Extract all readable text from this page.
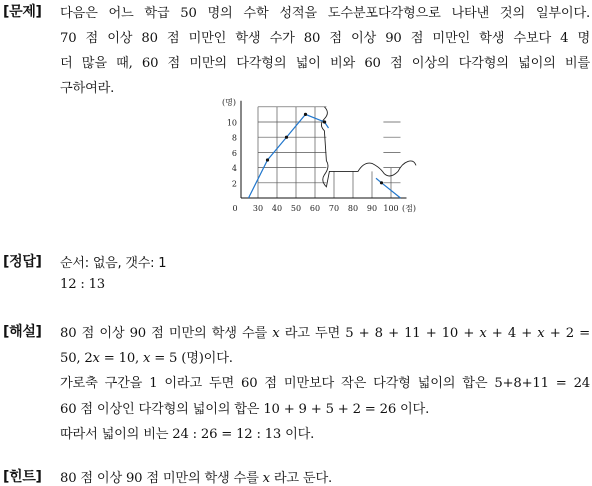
[문제] 다음은 어느 학급 50 명의 수학 성적을 도수분포다각형으로 나타낸 것의 일부이다.
70 점 이상 80 점 미만인 학생 수가 80 점 이상 90 점 미만인 학생 수보다 4 명
더 많을 때, 60 점 미만의 다각형의 넓이 비와 60 점 이상의 다각형의 넓이의 비를
구하여라.
2
4
6
8
10
(명)
0 30 40 50 60 70 80 90 100 (점)
[정답] 순서: 없음, 갯수: 1
12 : 13
[해설] 80 점 이상 90 점 미만의 학생 수를 𝑥 라고 두면 5 + 8 + 11 + 10 + 𝑥 + 4 + 𝑥 + 2 =
50, 2𝑥 = 10, 𝑥 = 5 (명)이다.
가로축 구간을 1 이라고 두면 60 점 미만보다 작은 다각형 넓이의 합은 5+8+11 = 24
60 점 이상인 다각형의 넓이의 합은 10 + 9 + 5 + 2 = 26 이다.
따라서 넓이의 비는 24 : 26 = 12 : 13 이다.
[힌트] 80 점 이상 90 점 미만의 학생 수를 𝑥 라고 둔다.
